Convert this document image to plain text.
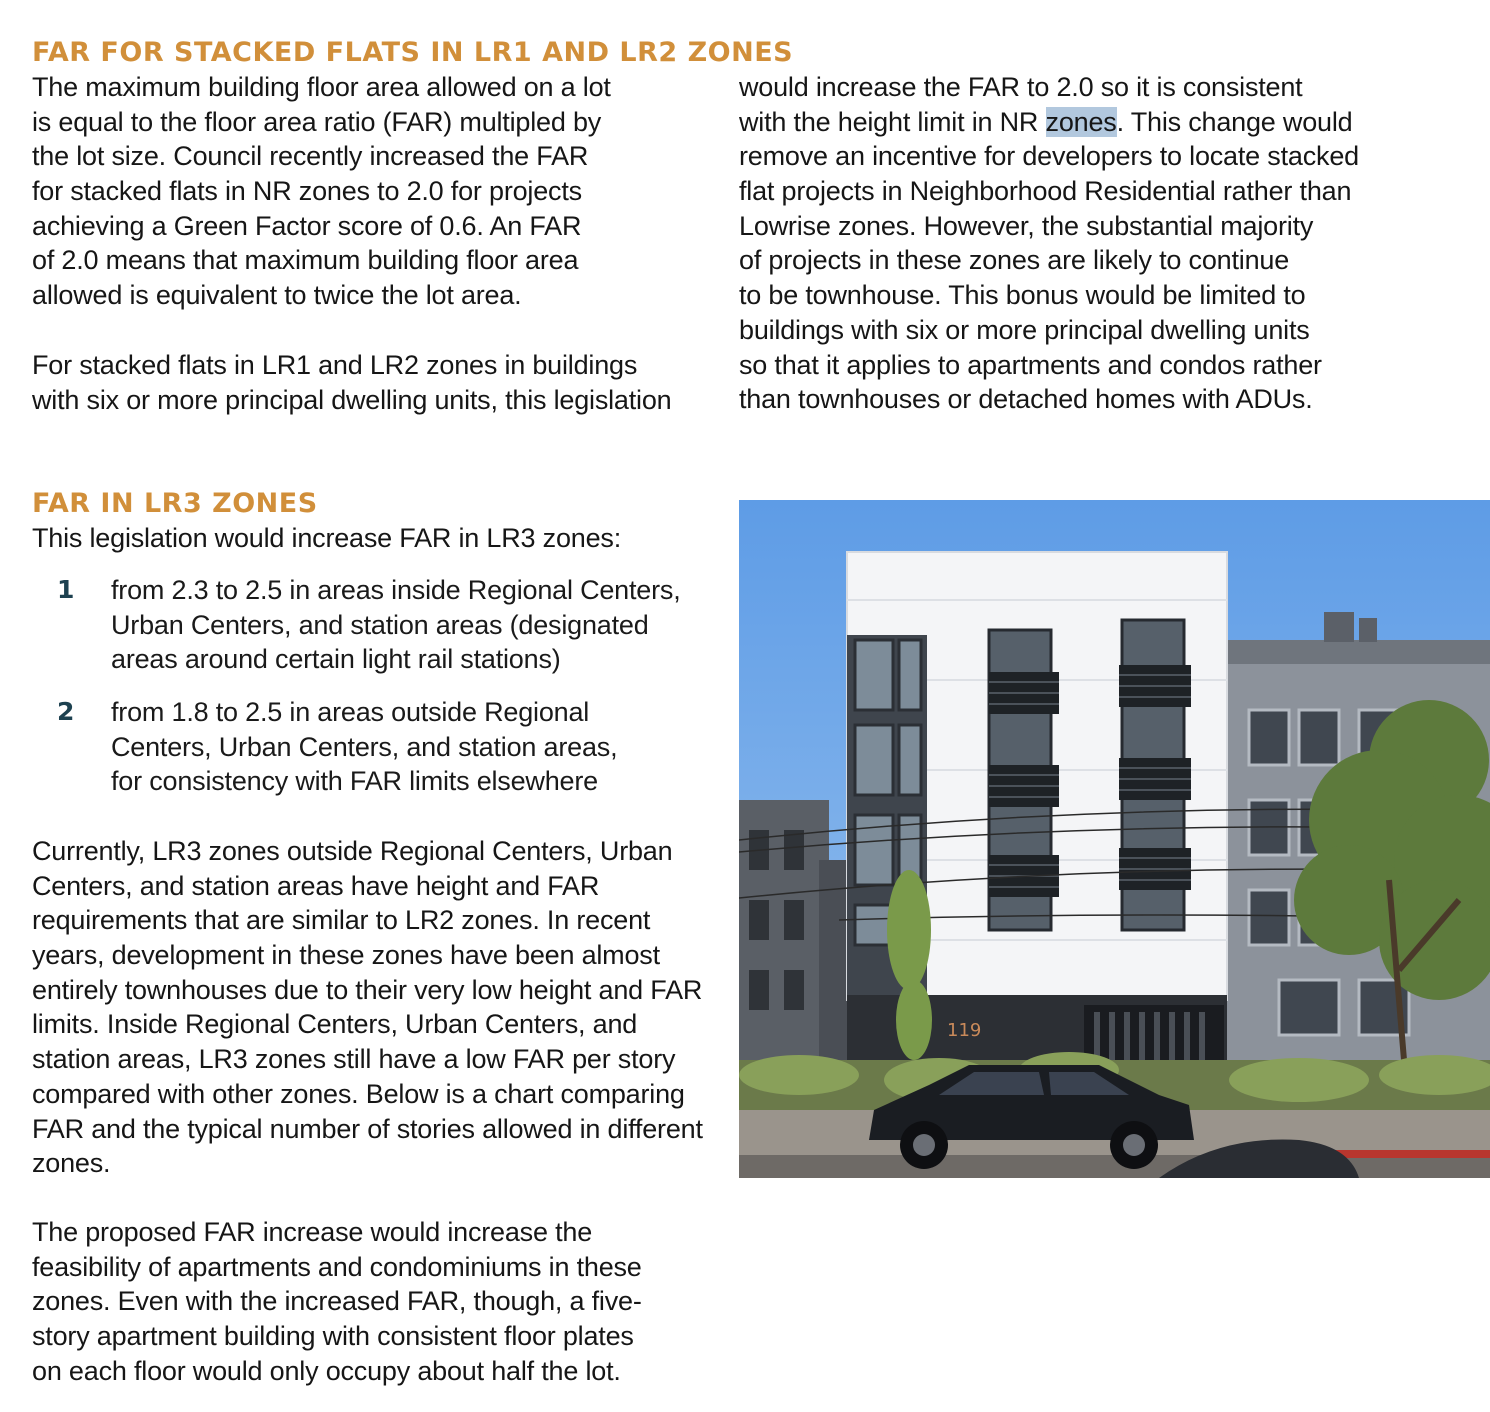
FAR FOR STACKED FLATS IN LR1 AND LR2 ZONES
The maximum building floor area allowed on a lot
is equal to the floor area ratio (FAR) multipled by
the lot size. Council recently increased the FAR
for stacked flats in NR zones to 2.0 for projects
achieving a Green Factor score of 0.6. An FAR
of 2.0 means that maximum building floor area
allowed is equivalent to twice the lot area.
For stacked flats in LR1 and LR2 zones in buildings
with six or more principal dwelling units, this legislation
would increase the FAR to 2.0 so it is consistent
with the height limit in NR zones. This change would
remove an incentive for developers to locate stacked
flat projects in Neighborhood Residential rather than
Lowrise zones. However, the substantial majority
of projects in these zones are likely to continue
to be townhouse. This bonus would be limited to
buildings with six or more principal dwelling units
so that it applies to apartments and condos rather
than townhouses or detached homes with ADUs.
FAR IN LR3 ZONES
This legislation would increase FAR in LR3 zones:
1 from 2.3 to 2.5 in areas inside Regional Centers,
Urban Centers, and station areas (designated
areas around certain light rail stations)
2 from 1.8 to 2.5 in areas outside Regional
Centers, Urban Centers, and station areas,
for consistency with FAR limits elsewhere
Currently, LR3 zones outside Regional Centers, Urban
Centers, and station areas have height and FAR
requirements that are similar to LR2 zones. In recent
years, development in these zones have been almost
entirely townhouses due to their very low height and FAR
limits. Inside Regional Centers, Urban Centers, and
station areas, LR3 zones still have a low FAR per story
compared with other zones. Below is a chart comparing
FAR and the typical number of stories allowed in different
zones.
The proposed FAR increase would increase the
feasibility of apartments and condominiums in these
zones. Even with the increased FAR, though, a five-
story apartment building with consistent floor plates
on each floor would only occupy about half the lot.
119
